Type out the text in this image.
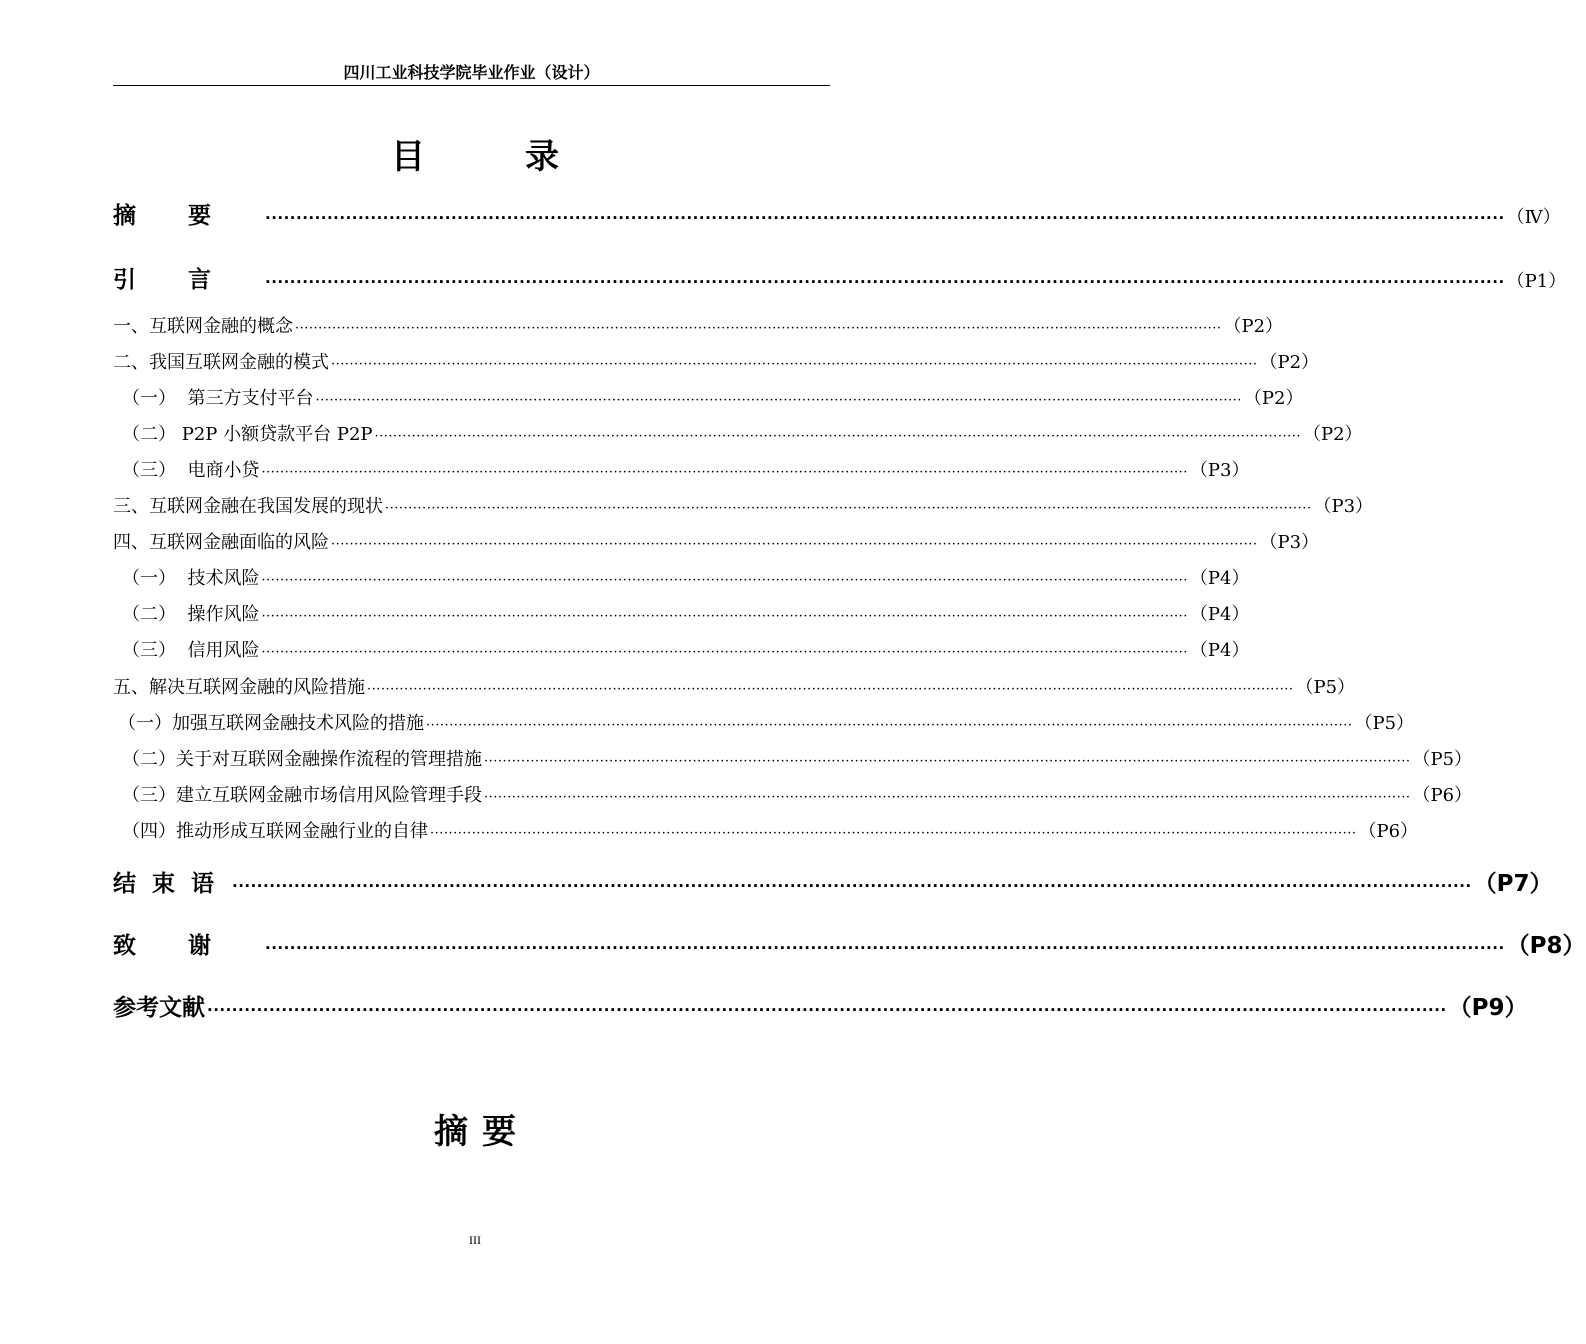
四川工业科技学院毕业作业（设计）
目录
摘要 ········································································································································································································ （Ⅳ）
引言 ········································································································································································································ （P1）
一、互联网金融的概念 ········································································································································································································ （P2）
二、我国互联网金融的模式 ········································································································································································································ （P2）
（一）  第三方支付平台 ········································································································································································································ （P2）
（二） P2P 小额贷款平台 P2P ········································································································································································································ （P2）
（三）  电商小贷 ········································································································································································································ （P3）
三、互联网金融在我国发展的现状 ········································································································································································································ （P3）
四、互联网金融面临的风险 ········································································································································································································ （P3）
（一）  技术风险 ········································································································································································································ （P4）
（二）  操作风险 ········································································································································································································ （P4）
（三）  信用风险 ········································································································································································································ （P4）
五、解决互联网金融的风险措施 ········································································································································································································ （P5）
（一）加强互联网金融技术风险的措施 ········································································································································································································ （P5）
（二）关于对互联网金融操作流程的管理措施 ········································································································································································································ （P5）
（三）建立互联网金融市场信用风险管理手段 ········································································································································································································ （P6）
（四）推动形成互联网金融行业的自律 ········································································································································································································ （P6）
结束语 ········································································································································································································ （P7）
致谢 ········································································································································································································ （P8）
参考文献 ········································································································································································································ （P9）
摘要
III
